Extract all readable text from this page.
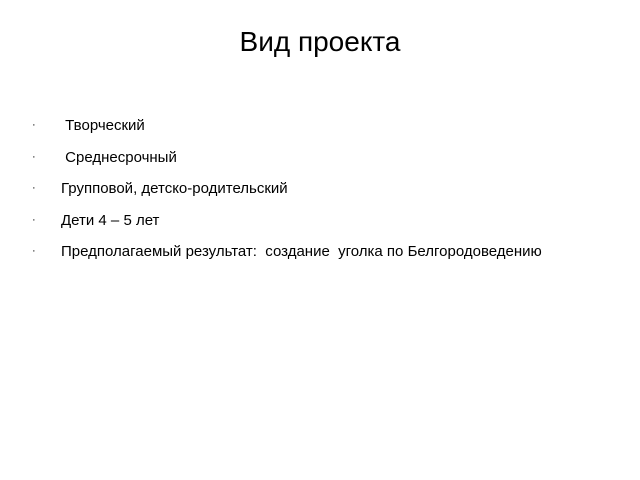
Вид проекта
· Творческий
· Среднесрочный
· Групповой, детско-родительский
· Дети 4 – 5 лет
· Предполагаемый результат:  создание  уголка по Белгородоведению
